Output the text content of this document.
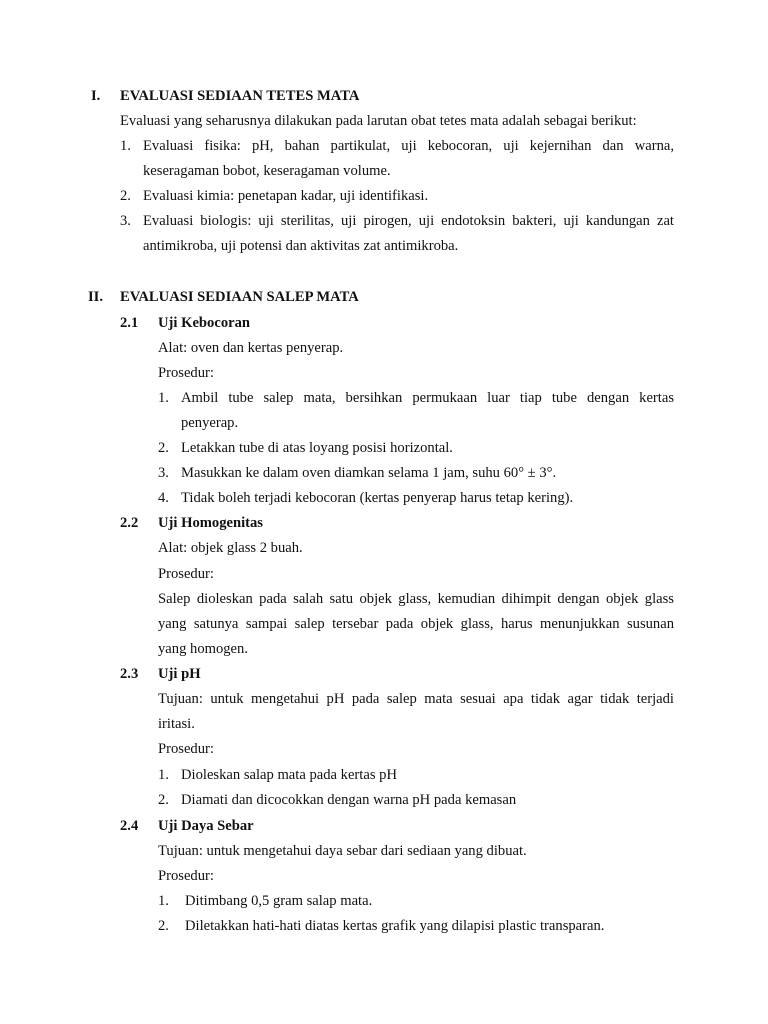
I. EVALUASI SEDIAAN TETES MATA
Evaluasi yang seharusnya dilakukan pada larutan obat tetes mata adalah sebagai berikut:
1. Evaluasi fisika: pH, bahan partikulat, uji kebocoran, uji kejernihan dan warna,
keseragaman bobot, keseragaman volume.
2. Evaluasi kimia: penetapan kadar, uji identifikasi.
3. Evaluasi biologis: uji sterilitas, uji pirogen, uji endotoksin bakteri, uji kandungan zat
antimikroba, uji potensi dan aktivitas zat antimikroba.
II. EVALUASI SEDIAAN SALEP MATA
2.1 Uji Kebocoran
Alat: oven dan kertas penyerap.
Prosedur:
1. Ambil tube salep mata, bersihkan permukaan luar tiap tube dengan kertas
penyerap.
2. Letakkan tube di atas loyang posisi horizontal.
3. Masukkan ke dalam oven diamkan selama 1 jam, suhu 60° ± 3°.
4. Tidak boleh terjadi kebocoran (kertas penyerap harus tetap kering).
2.2 Uji Homogenitas
Alat: objek glass 2 buah.
Prosedur:
Salep dioleskan pada salah satu objek glass, kemudian dihimpit dengan objek glass
yang satunya sampai salep tersebar pada objek glass, harus menunjukkan susunan
yang homogen.
2.3 Uji pH
Tujuan: untuk mengetahui pH pada salep mata sesuai apa tidak agar tidak terjadi
iritasi.
Prosedur:
1. Dioleskan salap mata pada kertas pH
2. Diamati dan dicocokkan dengan warna pH pada kemasan
2.4 Uji Daya Sebar
Tujuan: untuk mengetahui daya sebar dari sediaan yang dibuat.
Prosedur:
1. Ditimbang 0,5 gram salap mata.
2. Diletakkan hati-hati diatas kertas grafik yang dilapisi plastic transparan.
